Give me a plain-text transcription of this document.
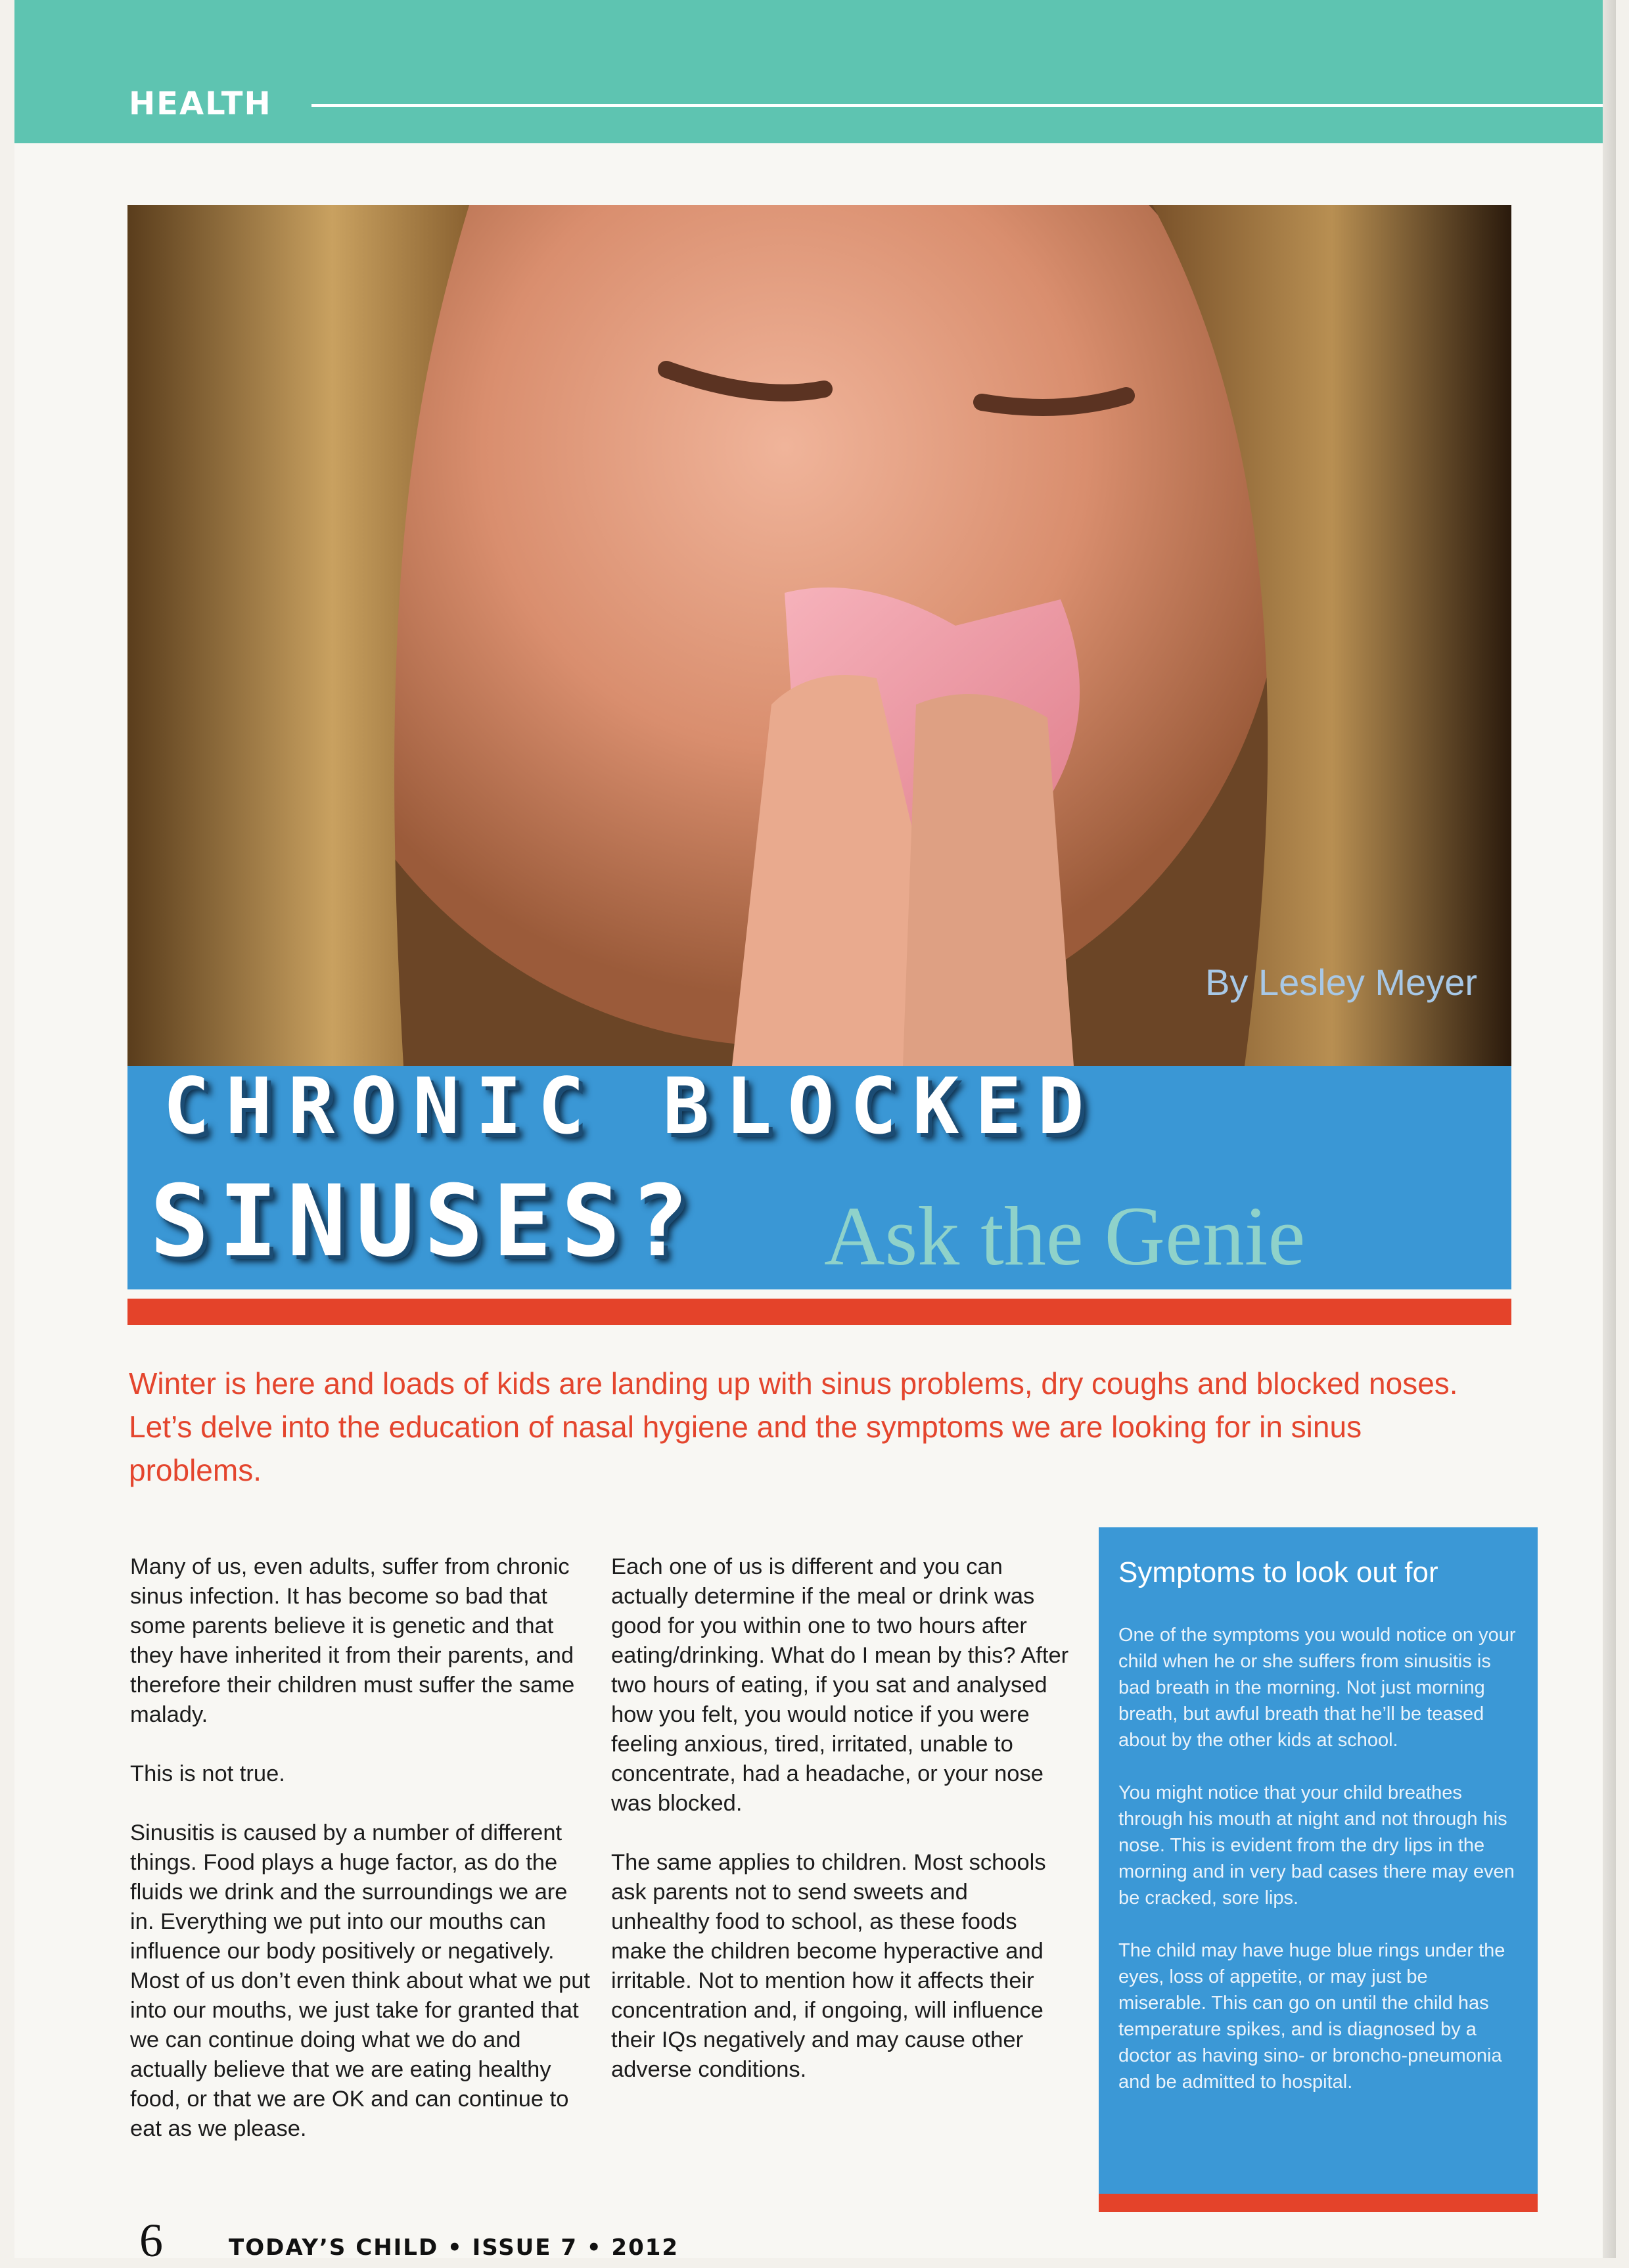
HEALTH
By Lesley Meyer
CHRONIC BLOCKED
SINUSES? Ask the Genie
Winter is here and loads of kids are landing up with sinus problems, dry coughs and blocked noses. Let’s delve into the education of nasal hygiene and the symptoms we are looking for in sinus problems.

Many of us, even adults, suffer from chronic sinus infection. It has become so bad that some parents believe it is genetic and that they have inherited it from their parents, and therefore their children must suffer the same malady.

This is not true.

Sinusitis is caused by a number of different things. Food plays a huge factor, as do the fluids we drink and the surroundings we are in. Everything we put into our mouths can influence our body positively or negatively. Most of us don’t even think about what we put into our mouths, we just take for granted that we can continue doing what we do and actually believe that we are eating healthy food, or that we are OK and can continue to eat as we please.

Each one of us is different and you can actually determine if the meal or drink was good for you within one to two hours after eating/drinking. What do I mean by this? After two hours of eating, if you sat and analysed how you felt, you would notice if you were feeling anxious, tired, irritated, unable to concentrate, had a headache, or your nose was blocked.

The same applies to children. Most schools ask parents not to send sweets and unhealthy food to school, as these foods make the children become hyperactive and irritable. Not to mention how it affects their concentration and, if ongoing, will influence their IQs negatively and may cause other adverse conditions.

Symptoms to look out for

One of the symptoms you would notice on your child when he or she suffers from sinusitis is bad breath in the morning. Not just morning breath, but awful breath that he’ll be teased about by the other kids at school.

You might notice that your child breathes through his mouth at night and not through his nose. This is evident from the dry lips in the morning and in very bad cases there may even be cracked, sore lips.

The child may have huge blue rings under the eyes, loss of appetite, or may just be miserable. This can go on until the child has temperature spikes, and is diagnosed by a doctor as having sino- or broncho-pneumonia and be admitted to hospital.

6	TODAY’S CHILD • ISSUE 7 • 2012
